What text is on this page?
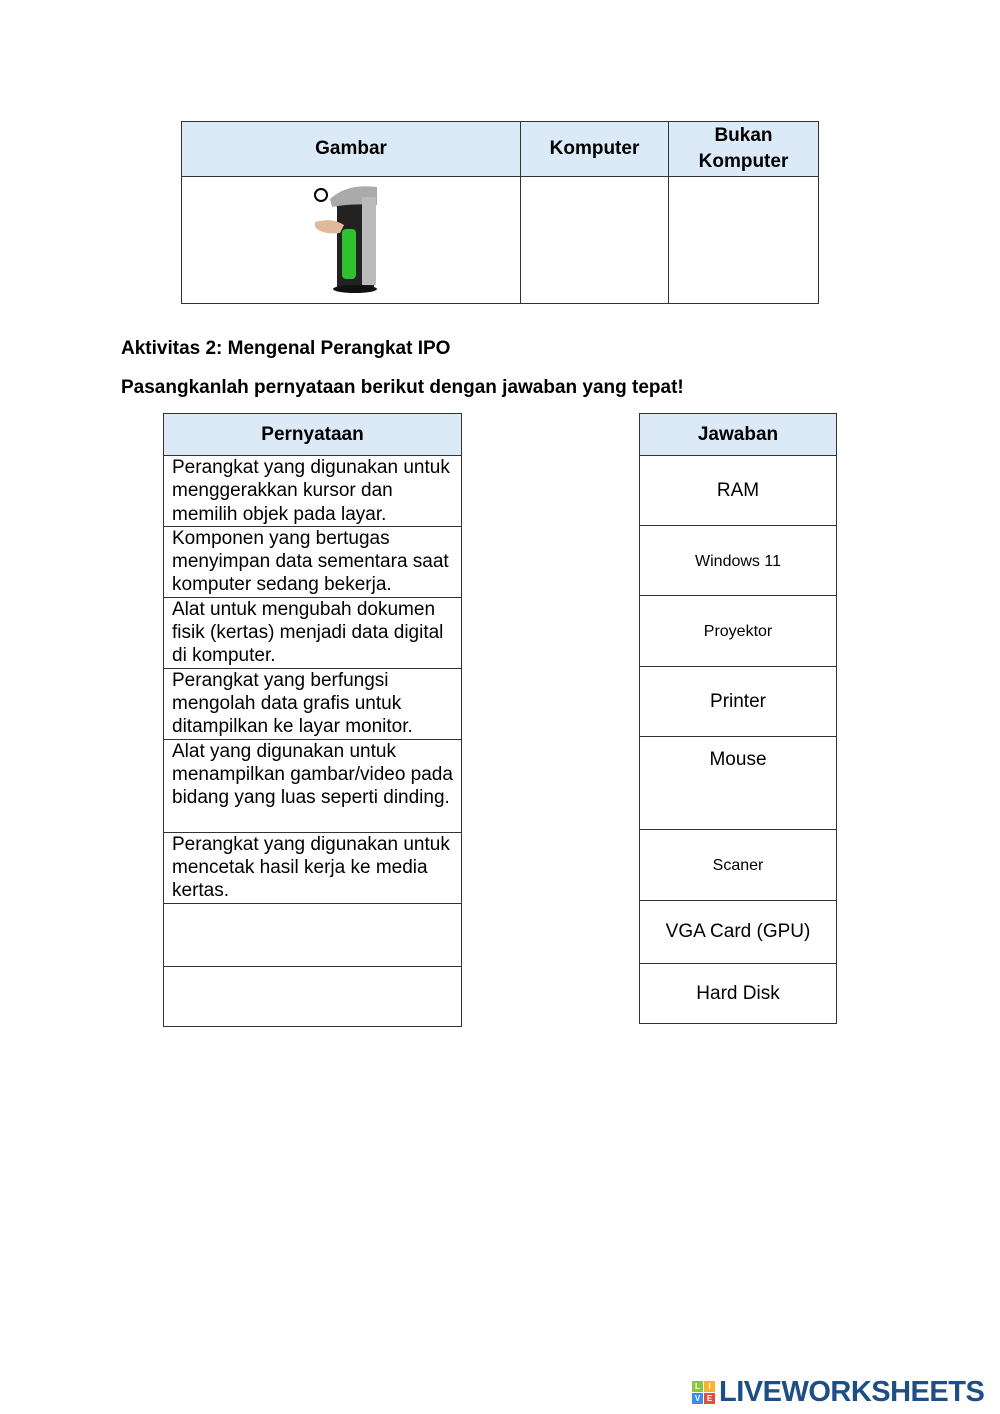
Gambar	Komputer	Bukan Komputer

Aktivitas 2: Mengenal Perangkat IPO
Pasangkanlah pernyataan berikut dengan jawaban yang tepat!
Pernyataan
Perangkat yang digunakan untuk menggerakkan kursor dan memilih objek pada layar.
Komponen yang bertugas menyimpan data sementara saat komputer sedang bekerja.
Alat untuk mengubah dokumen fisik (kertas) menjadi data digital di komputer.
Perangkat yang berfungsi mengolah data grafis untuk ditampilkan ke layar monitor.
Alat yang digunakan untuk menampilkan gambar/video pada bidang yang luas seperti dinding.
Perangkat yang digunakan untuk mencetak hasil kerja ke media kertas.

Jawaban
RAM
Windows 11
Proyektor
Printer
Mouse
Scaner
VGA Card (GPU)
Hard Disk
L	I
V E LIVEWORKSHEETS
